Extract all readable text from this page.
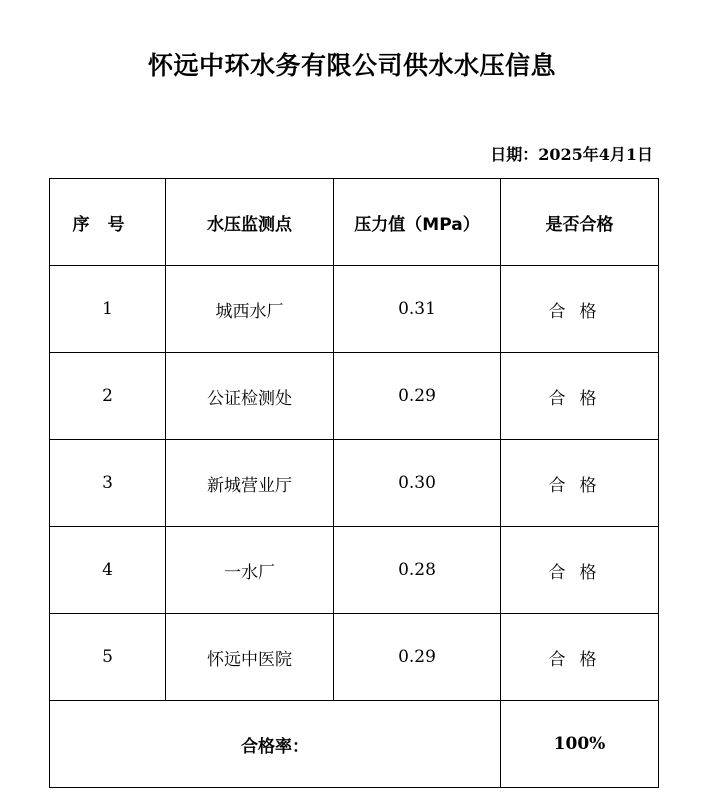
怀远中环水务有限公司供水水压信息
日期：2025年4月1日
序号	水压监测点	压力值（MPa）	是否合格
1	城西水厂	0.31	合格
2	公证检测处	0.29	合格
3	新城营业厅	0.30	合格
4	一水厂	0.28	合格
5	怀远中医院	0.29	合格
合格率：			100%
